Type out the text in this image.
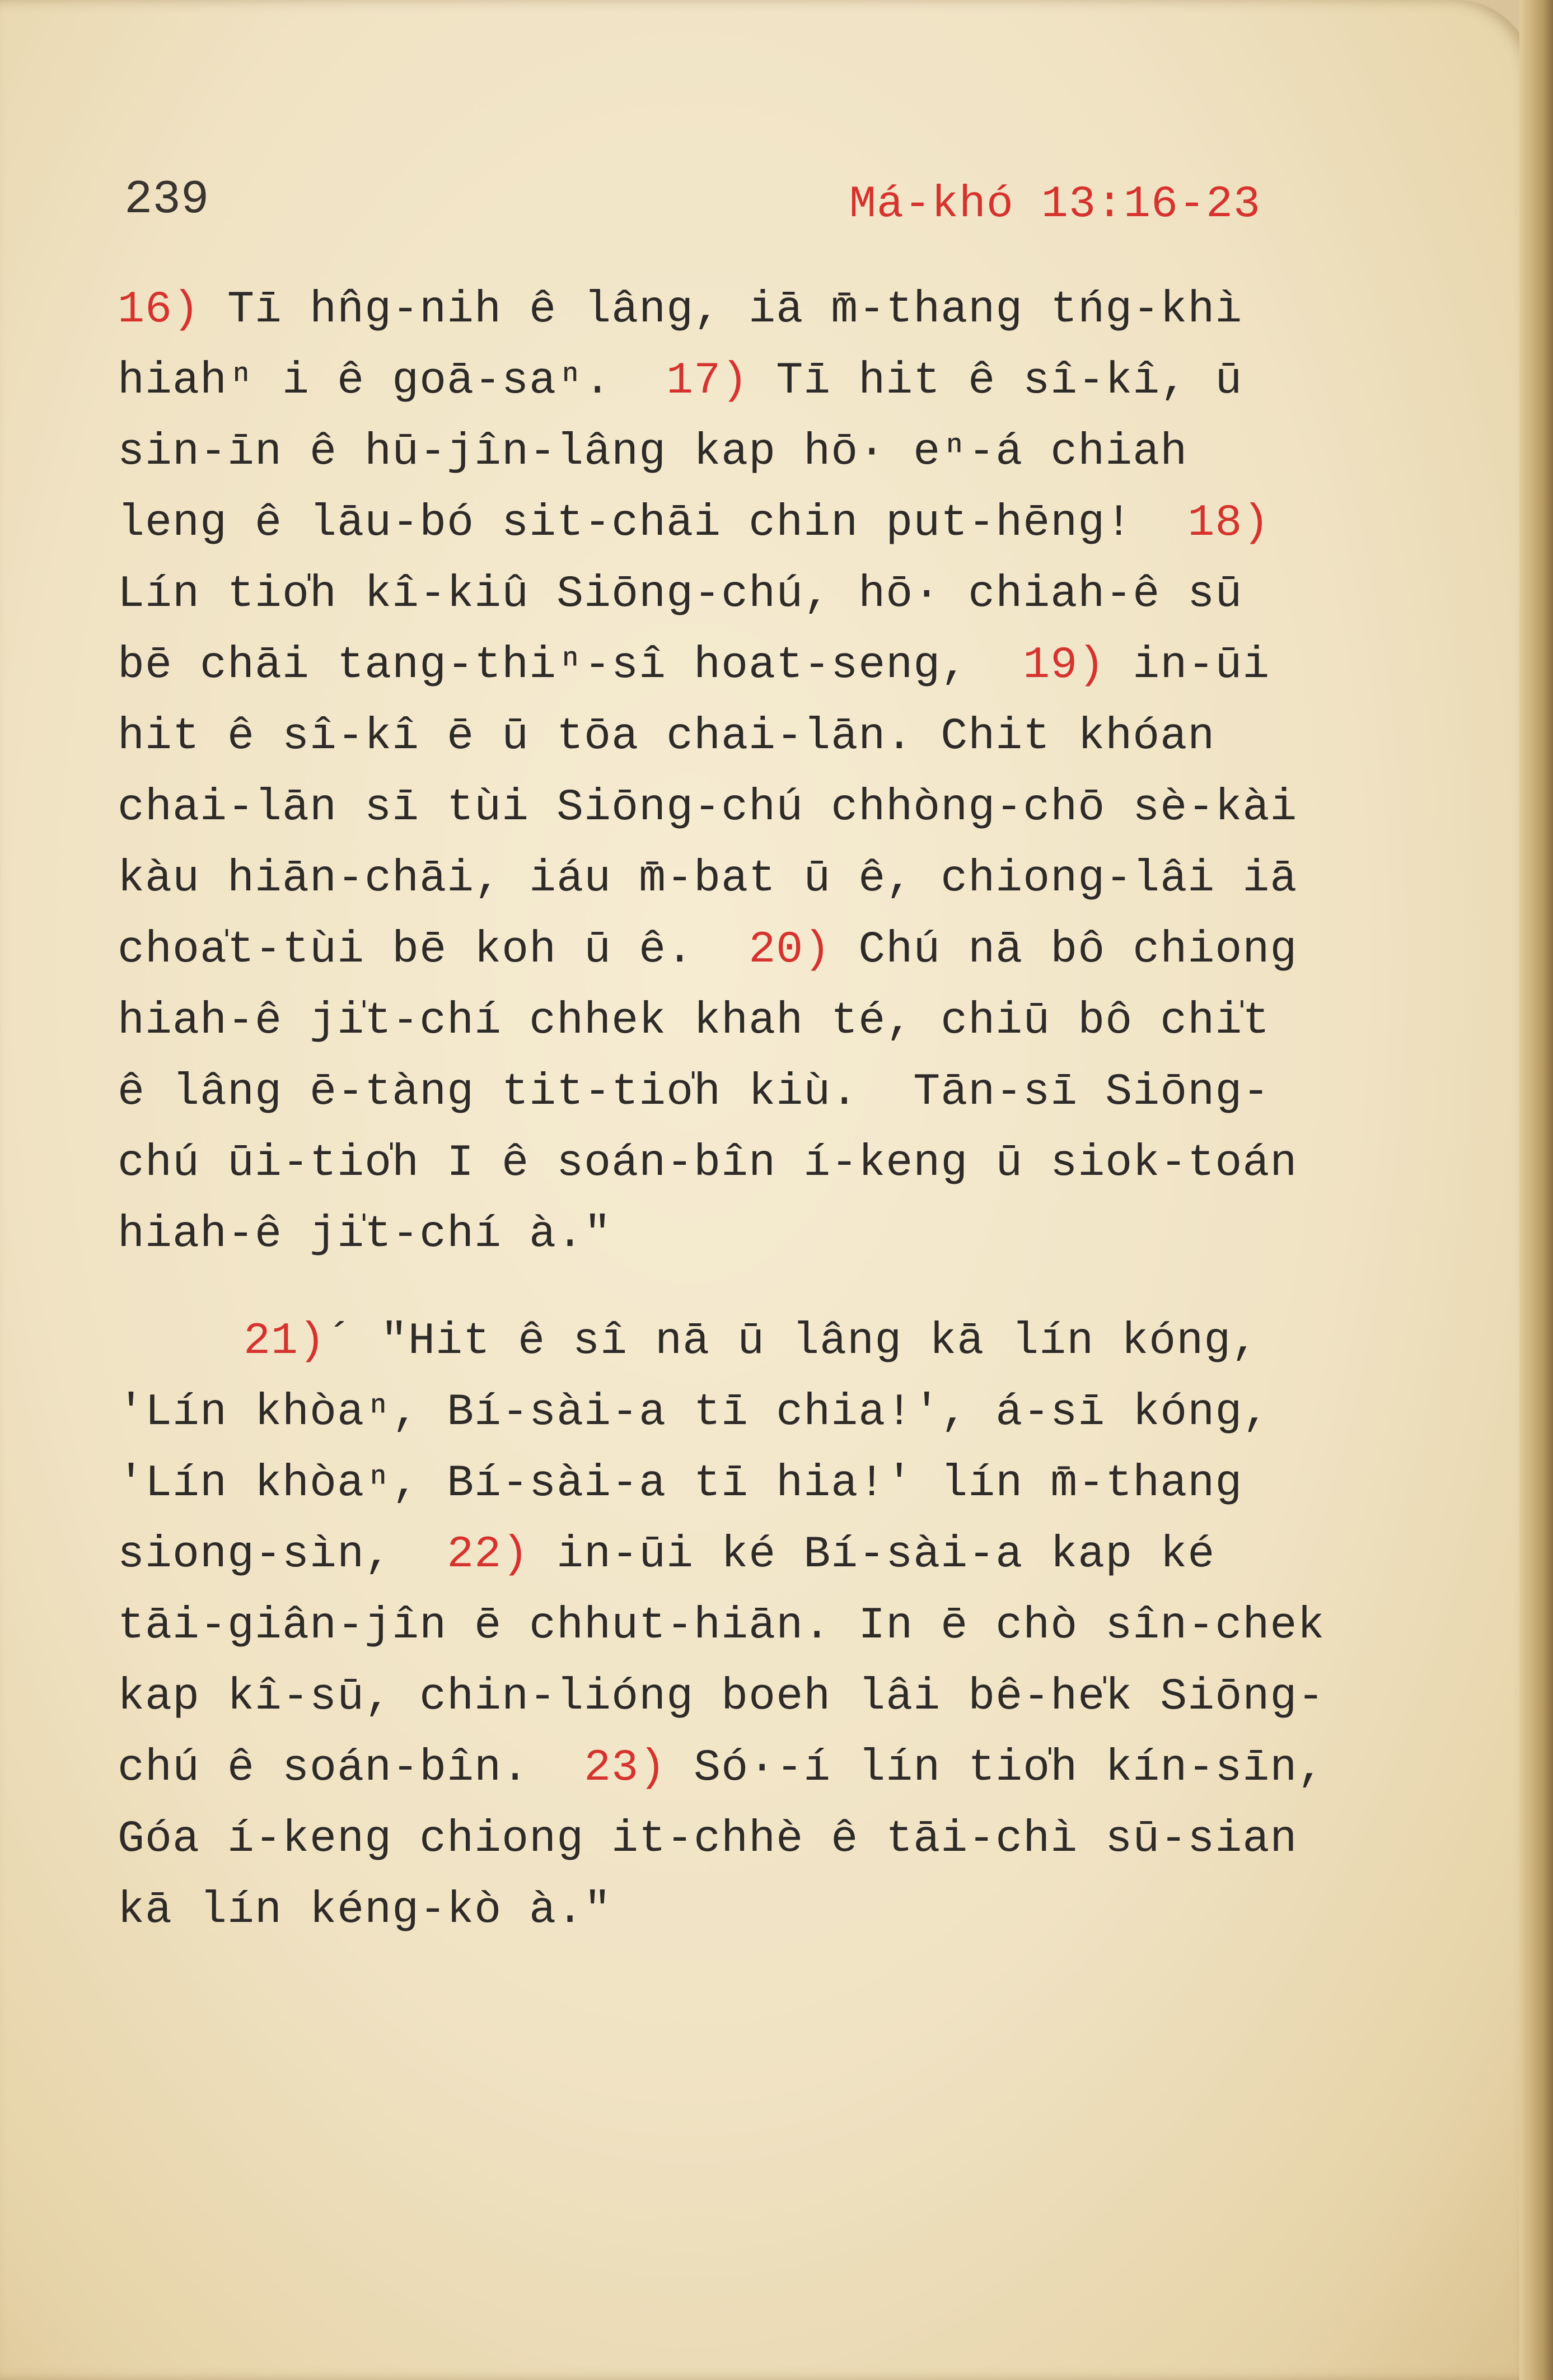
239	Má-khó 13:16-23
16) Tī hn̂g-nih ê lâng, iā m̄-thang tńg-khì
hiahⁿ i ê goā-saⁿ.  17) Tī hit ê sî-kî, ū
sin-īn ê hū-jîn-lâng kap hō· eⁿ-á chiah
leng ê lāu-bó sit-chāi chin put-hēng!  18)
Lín tio̍h kî-kiû Siōng-chú, hō· chiah-ê sū
bē chāi tang-thiⁿ-sî hoat-seng,  19) in-ūi
hit ê sî-kî ē ū tōa chai-lān. Chit khóan
chai-lān sī tùi Siōng-chú chhòng-chō sè-kài
kàu hiān-chāi, iáu m̄-bat ū ê, chiong-lâi iā
choa̍t-tùi bē koh ū ê.  20) Chú nā bô chiong
hiah-ê ji̍t-chí chhek khah té, chiū bô chi̍t
ê lâng ē-tàng tit-tio̍h kiù.  Tān-sī Siōng-
chú ūi-tio̍h I ê soán-bîn í-keng ū siok-toán
hiah-ê ji̍t-chí à."
21)´ "Hit ê sî nā ū lâng kā lín kóng,
'Lín khòaⁿ, Bí-sài-a tī chia!', á-sī kóng,
'Lín khòaⁿ, Bí-sài-a tī hia!' lín m̄-thang
siong-sìn,  22) in-ūi ké Bí-sài-a kap ké
tāi-giân-jîn ē chhut-hiān. In ē chò sîn-chek
kap kî-sū, chin-lióng boeh lâi bê-he̍k Siōng-
chú ê soán-bîn.  23) Só·-í lín tio̍h kín-sīn,
Góa í-keng chiong it-chhè ê tāi-chì sū-sian
kā lín kéng-kò à."
